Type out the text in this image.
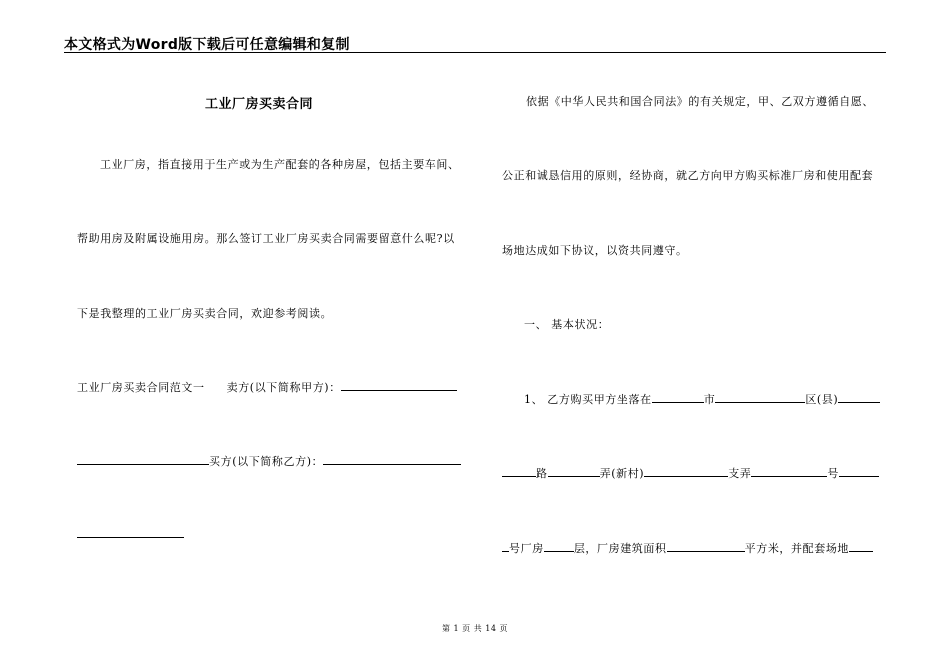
本文格式为Word版下载后可任意编辑和复制
工业厂房买卖合同
工业厂房，指直接用于生产或为生产配套的各种房屋，包括主要车间、
帮助用房及附属设施用房。那么签订工业厂房买卖合同需要留意什么呢?以
下是我整理的工业厂房买卖合同，欢迎参考阅读。
工业厂房买卖合同范文一 卖方(以下简称甲方)：
买方(以下简称乙方)：
依据《中华人民共和国合同法》的有关规定，甲、乙双方遵循自愿、
公正和诚恳信用的原则，经协商，就乙方向甲方购买标准厂房和使用配套
场地达成如下协议，以资共同遵守。
一、 基本状况：
1、 乙方购买甲方坐落在	市	区(县)
路	弄(新村)	支弄	号
号厂房	层，厂房建筑面积	平方米，并配套场地
第 1 页 共 14 页
